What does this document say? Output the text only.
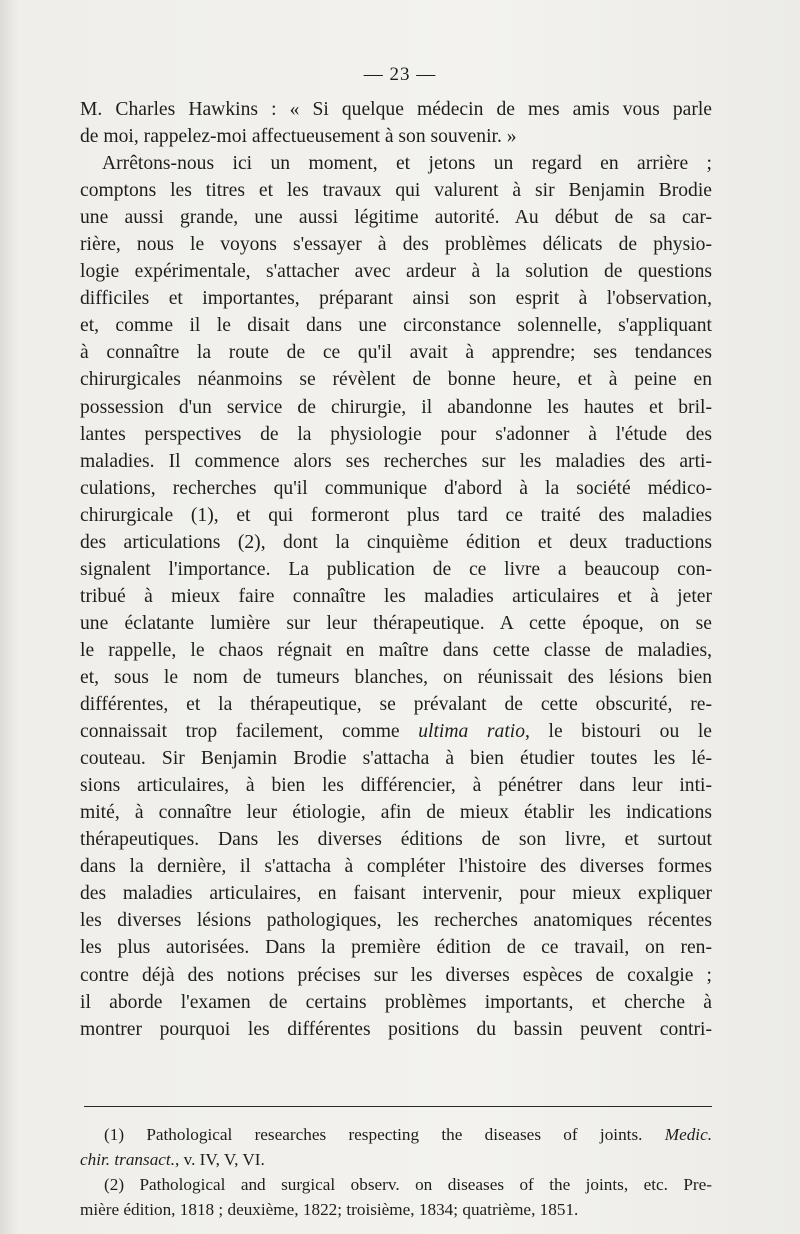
— 23 —

M. Charles Hawkins : « Si quelque médecin de mes amis vous parle
de moi, rappelez-moi affectueusement à son souvenir. »

Arrêtons-nous ici un moment, et jetons un regard en arrière ;
comptons les titres et les travaux qui valurent à sir Benjamin Brodie
une aussi grande, une aussi légitime autorité. Au début de sa car-
rière, nous le voyons s'essayer à des problèmes délicats de physio-
logie expérimentale, s'attacher avec ardeur à la solution de questions
difficiles et importantes, préparant ainsi son esprit à l'observation,
et, comme il le disait dans une circonstance solennelle, s'appliquant
à connaître la route de ce qu'il avait à apprendre; ses tendances
chirurgicales néanmoins se révèlent de bonne heure, et à peine en
possession d'un service de chirurgie, il abandonne les hautes et bril-
lantes perspectives de la physiologie pour s'adonner à l'étude des
maladies. Il commence alors ses recherches sur les maladies des arti-
culations, recherches qu'il communique d'abord à la société médico-
chirurgicale (1), et qui formeront plus tard ce traité des maladies
des articulations (2), dont la cinquième édition et deux traductions
signalent l'importance. La publication de ce livre a beaucoup con-
tribué à mieux faire connaître les maladies articulaires et à jeter
une éclatante lumière sur leur thérapeutique. A cette époque, on se
le rappelle, le chaos régnait en maître dans cette classe de maladies,
et, sous le nom de tumeurs blanches, on réunissait des lésions bien
différentes, et la thérapeutique, se prévalant de cette obscurité, re-
connaissait trop facilement, comme ultima ratio, le bistouri ou le
couteau. Sir Benjamin Brodie s'attacha à bien étudier toutes les lé-
sions articulaires, à bien les différencier, à pénétrer dans leur inti-
mité, à connaître leur étiologie, afin de mieux établir les indications
thérapeutiques. Dans les diverses éditions de son livre, et surtout
dans la dernière, il s'attacha à compléter l'histoire des diverses formes
des maladies articulaires, en faisant intervenir, pour mieux expliquer
les diverses lésions pathologiques, les recherches anatomiques récentes
les plus autorisées. Dans la première édition de ce travail, on ren-
contre déjà des notions précises sur les diverses espèces de coxalgie ;
il aborde l'examen de certains problèmes importants, et cherche à
montrer pourquoi les différentes positions du bassin peuvent contri-

(1) Pathological researches respecting the diseases of joints. Medic.
chir. transact., v. IV, V, VI.
(2) Pathological and surgical observ. on diseases of the joints, etc. Pre-
mière édition, 1818 ; deuxième, 1822; troisième, 1834; quatrième, 1851.
